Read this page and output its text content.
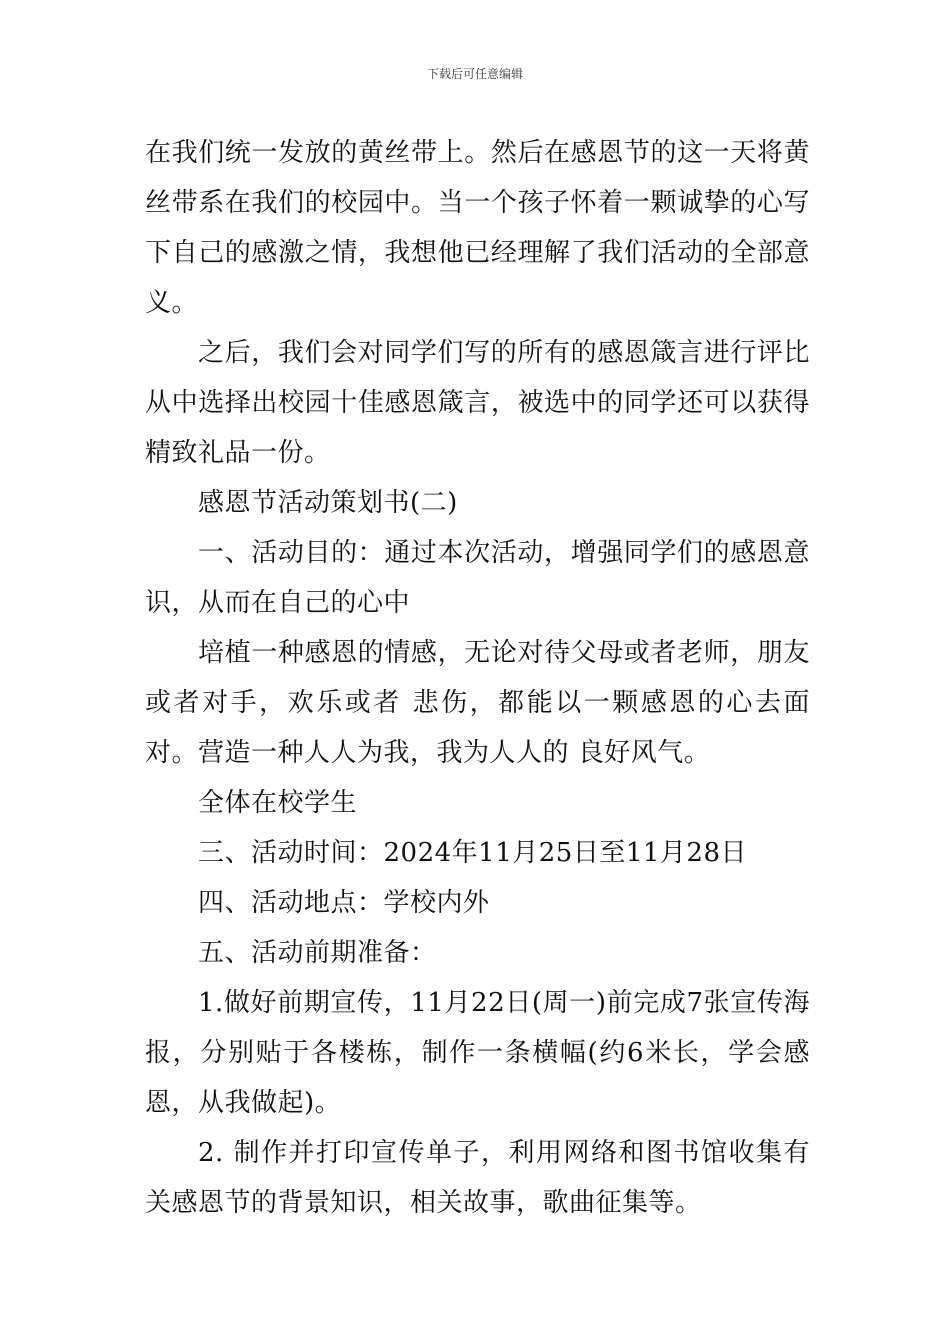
下载后可任意编辑

在我们统一发放的黄丝带上。然后在感恩节的这一天将黄丝带系在我们的校园中。当一个孩子怀着一颗诚挚的心写下自己的感激之情，我想他已经理解了我们活动的全部意义。

之后，我们会对同学们写的所有的感恩箴言进行评比从中选择出校园十佳感恩箴言，被选中的同学还可以获得精致礼品一份。

感恩节活动策划书(二)

一、活动目的：通过本次活动，增强同学们的感恩意识，从而在自己的心中

培植一种感恩的情感，无论对待父母或者老师，朋友或者对手，欢乐或者 悲伤，都能以一颗感恩的心去面对。营造一种人人为我，我为人人的 良好风气。

全体在校学生

三、活动时间：2024年11月25日至11月28日

四、活动地点：学校内外

五、活动前期准备：

1.做好前期宣传，11月22日(周一)前完成7张宣传海报，分别贴于各楼栋，制作一条横幅(约6米长，学会感恩，从我做起)。

2. 制作并打印宣传单子，利用网络和图书馆收集有关感恩节的背景知识，相关故事，歌曲征集等。
